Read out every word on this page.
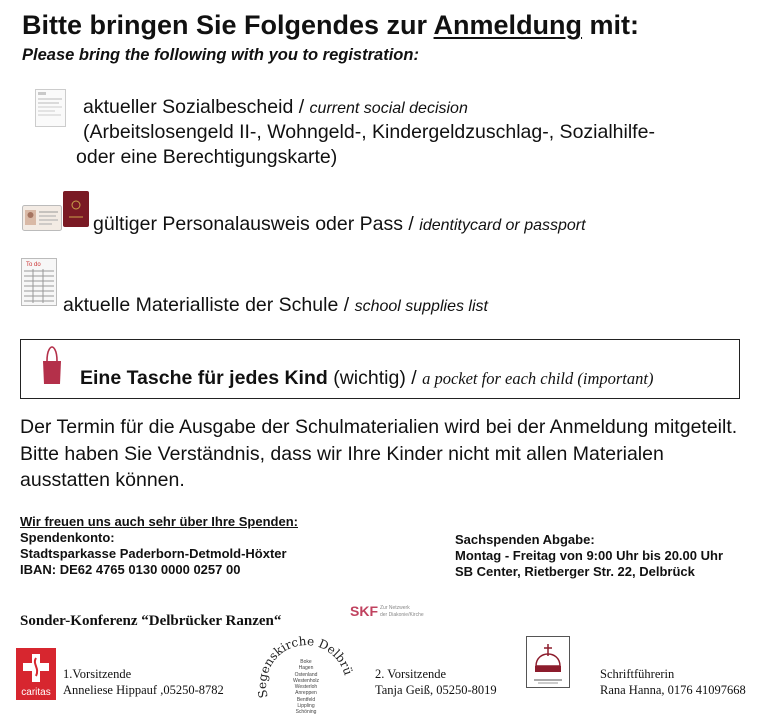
Bitte bringen Sie Folgendes zur Anmeldung mit:
Please bring the following with you to registration:
aktueller Sozialbescheid / current social decision
(Arbeitslosengeld II-, Wohngeld-, Kindergeldzuschlag-, Sozialhilfe-
oder eine Berechtigungskarte)
gültiger Personalausweis oder Pass / identitycard or passport
To do
aktuelle Materialliste der Schule / school supplies list
Eine Tasche für jedes Kind (wichtig) / a pocket for each child (important)
Der Termin für die Ausgabe der Schulmaterialien wird bei der Anmeldung mitgeteilt. Bitte haben Sie Verständnis, dass wir Ihre Kinder nicht mit allen Materialen ausstatten können.
Wir freuen uns auch sehr über Ihre Spenden:
Spendenkonto:
Stadtsparkasse Paderborn-Detmold-Höxter
IBAN: DE62 4765 0130 0000 0257 00
Sachspenden Abgabe:
Montag - Freitag von 9:00 Uhr bis 20.00 Uhr
SB Center, Rietberger Str. 22, Delbrück
Sonder-Konferenz “Delbrücker Ranzen“
SKF Zur Netzwerk
der Diakonie/Kirche
caritas
1.Vorsitzende
Anneliese Hippauf ,05250-8782	Segenskirche Delbrü
Boke
Hagen
Ostenland Westenholz
Westerloh Anreppen
Bentfeld
Lippling
Schöning
2. Vorsitzende
Tanja Geiß, 05250-8019
Schriftführerin
Rana Hanna, 0176 41097668
